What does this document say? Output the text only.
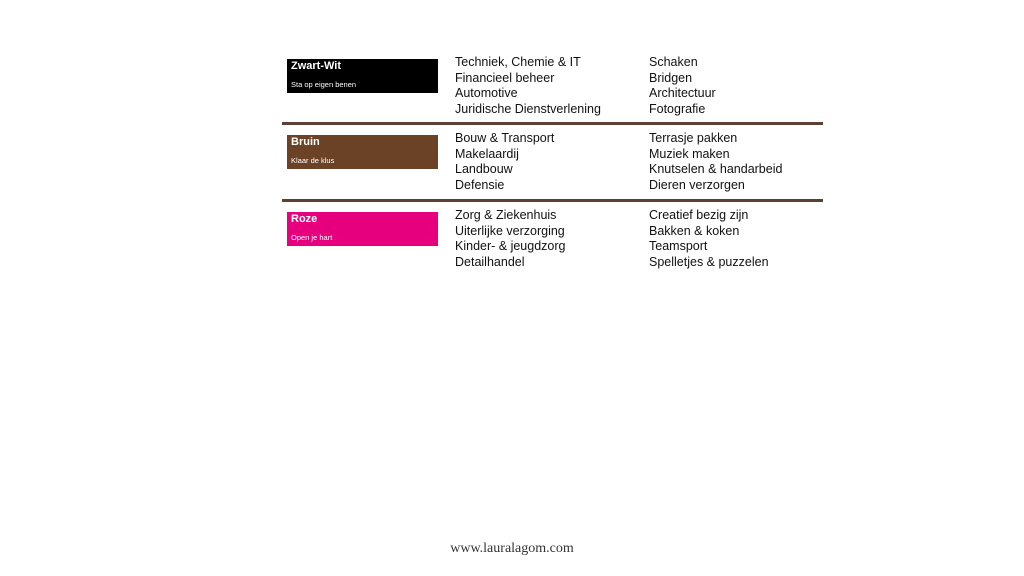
Zwart-Wit
Sta op eigen benen
Techniek, Chemie & IT
Financieel beheer
Automotive
Juridische Dienstverlening
Schaken
Bridgen
Architectuur
Fotografie
Bruin
Klaar de klus
Bouw & Transport
Makelaardij
Landbouw
Defensie
Terrasje pakken
Muziek maken
Knutselen & handarbeid
Dieren verzorgen
Roze
Open je hart
Zorg & Ziekenhuis
Uiterlijke verzorging
Kinder- & jeugdzorg
Detailhandel
Creatief bezig zijn
Bakken & koken
Teamsport
Spelletjes & puzzelen
www.lauralagom.com
